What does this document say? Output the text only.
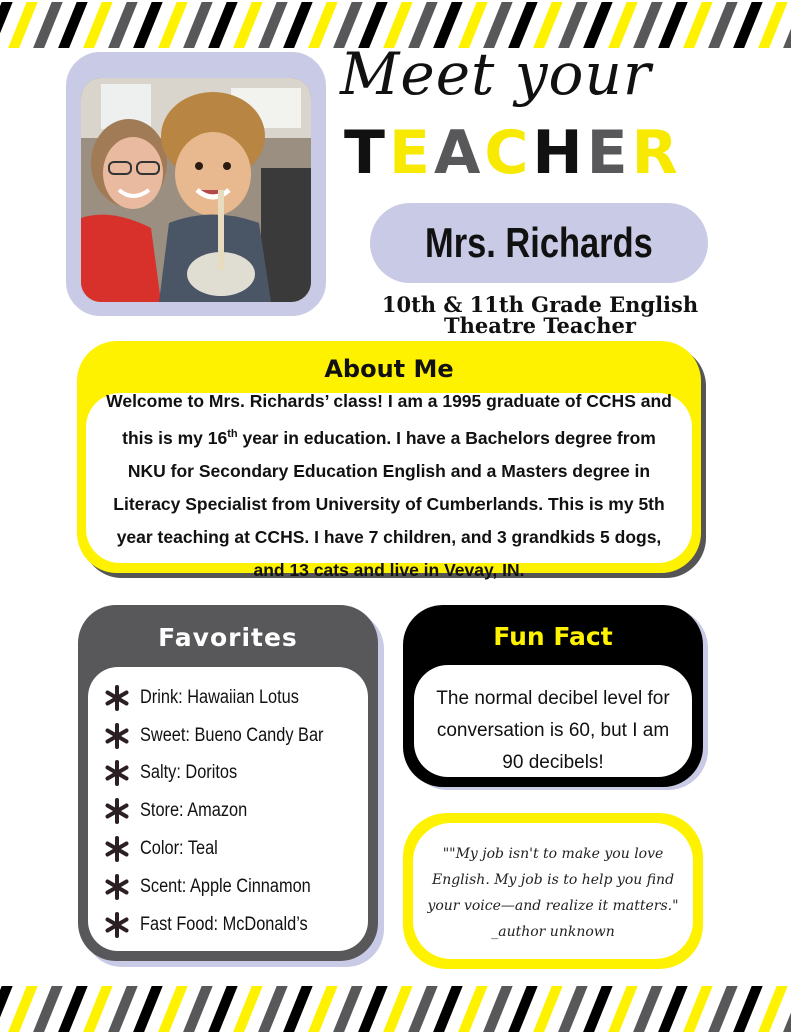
Meet your
TEACHER
Mrs. Richards
10th & 11th Grade English
Theatre Teacher
About Me
Welcome to Mrs. Richards’ class! I am a 1995 graduate of CCHS and this is my 16th year in education. I have a Bachelors degree from NKU for Secondary Education English and a Masters degree in Literacy Specialist from University of Cumberlands. This is my 5th year teaching at CCHS. I have 7 children, and 3 grandkids 5 dogs, and 13 cats and live in Vevay, IN.
Favorites
Drink: Hawaiian Lotus
Sweet: Bueno Candy Bar
Salty: Doritos
Store: Amazon
Color: Teal
Scent: Apple Cinnamon
Fast Food: McDonald’s
Fun Fact
The normal decibel level for conversation is 60, but I am 90 decibels!
""My job isn't to make you love English. My job is to help you find your voice—and realize it matters."
_author unknown
